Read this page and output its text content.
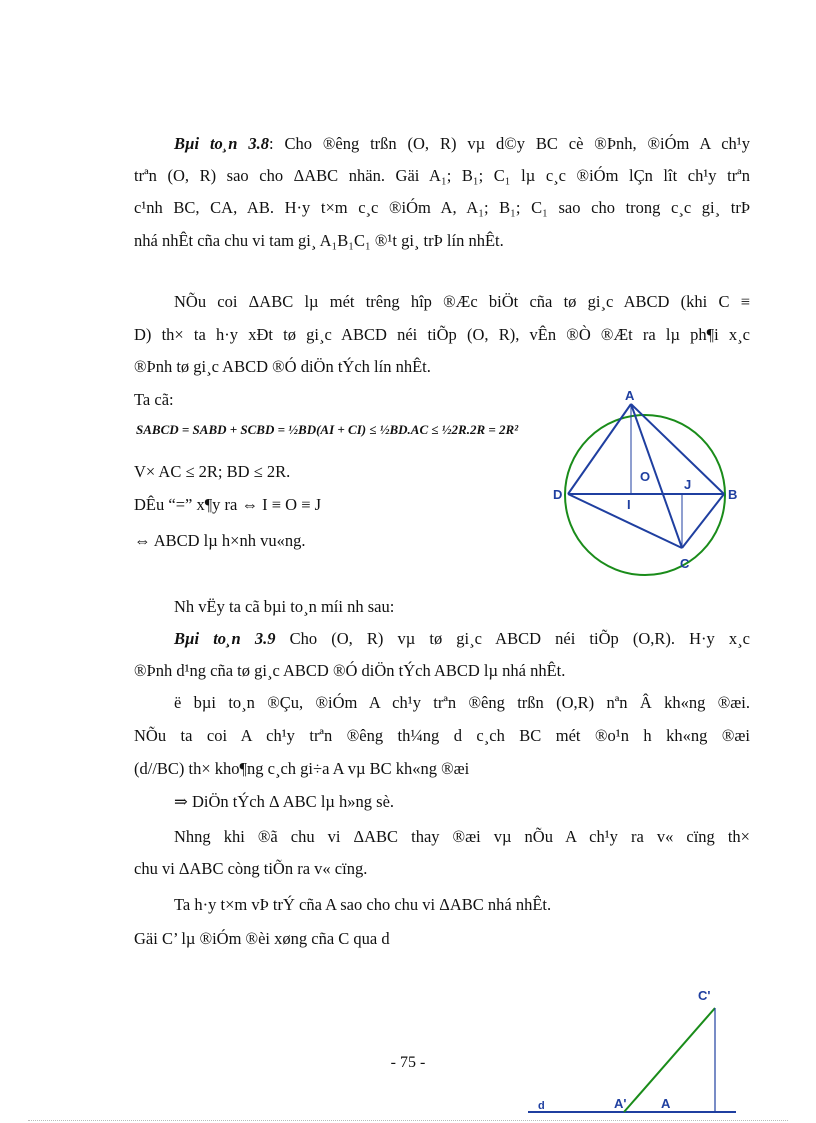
Bµi to¸n 3.8: Cho ®êng trßn (O, R) vµ d©y BC cè ®Þnh, ®iÓm A ch¹y
trªn (O, R) sao cho ΔABC nhän. Gäi A₁; B₁; C₁ lµ c¸c ®iÓm lÇn lît ch¹y trªn
c¹nh BC, CA, AB. H·y t×m c¸c ®iÓm A, A₁; B₁; C₁ sao cho trong c¸c gi¸ trÞ
nhá nhÊt cña chu vi tam gi¸ A₁B₁C₁ ®¹t gi¸ trÞ lín nhÊt.
NÕu coi ΔABC lµ mét trêng hîp ®Æc biÖt cña tø gi¸c ABCD (khi C ≡
D) th× ta h·y xÐt tø gi¸c ABCD néi tiÕp (O, R), vÊn ®Ò ®Æt ra lµ ph¶i x¸c
®Þnh tø gi¸c ABCD ®Ó diÖn tÝch lín nhÊt.
Ta cã:
SABCD = SABD + SCBD = ½BD(AI + CI) ≤ ½BD.AC ≤ ½2R.2R = 2R²
V× AC ≤ 2R; BD ≤ 2R.
DÊu “=” x¶y ra ⇔ I ≡ O ≡ J
⇔ ABCD lµ h×nh vu«ng.
A
B
C
D
O
I
J
Nh vËy ta cã bµi to¸n míi nh sau:
Bµi to¸n 3.9 Cho (O, R) vµ tø gi¸c ABCD néi tiÕp (O,R). H·y x¸c
®Þnh d¹ng cña tø gi¸c ABCD ®Ó diÖn tÝch ABCD lµ nhá nhÊt.
ë bµi to¸n ®Çu, ®iÓm A ch¹y trªn ®êng trßn (O,R) nªn Â kh«ng ®æi.
NÕu ta coi A ch¹y trªn ®êng th¼ng d c¸ch BC mét ®o¹n h kh«ng ®æi
(d//BC) th× kho¶ng c¸ch gi÷a A vµ BC kh«ng ®æi
⇒ DiÖn tÝch Δ ABC lµ h»ng sè.
Nhng khi ®ã chu vi ΔABC thay ®æi vµ nÕu A ch¹y ra v« cïng th×
chu vi ΔABC còng tiÕn ra v« cïng.
Ta h·y t×m vÞ trÝ cña A sao cho chu vi ΔABC nhá nhÊt.
Gäi C’ lµ ®iÓm ®èi xøng cña C qua d
C'
A'	A
d
- 75 -
